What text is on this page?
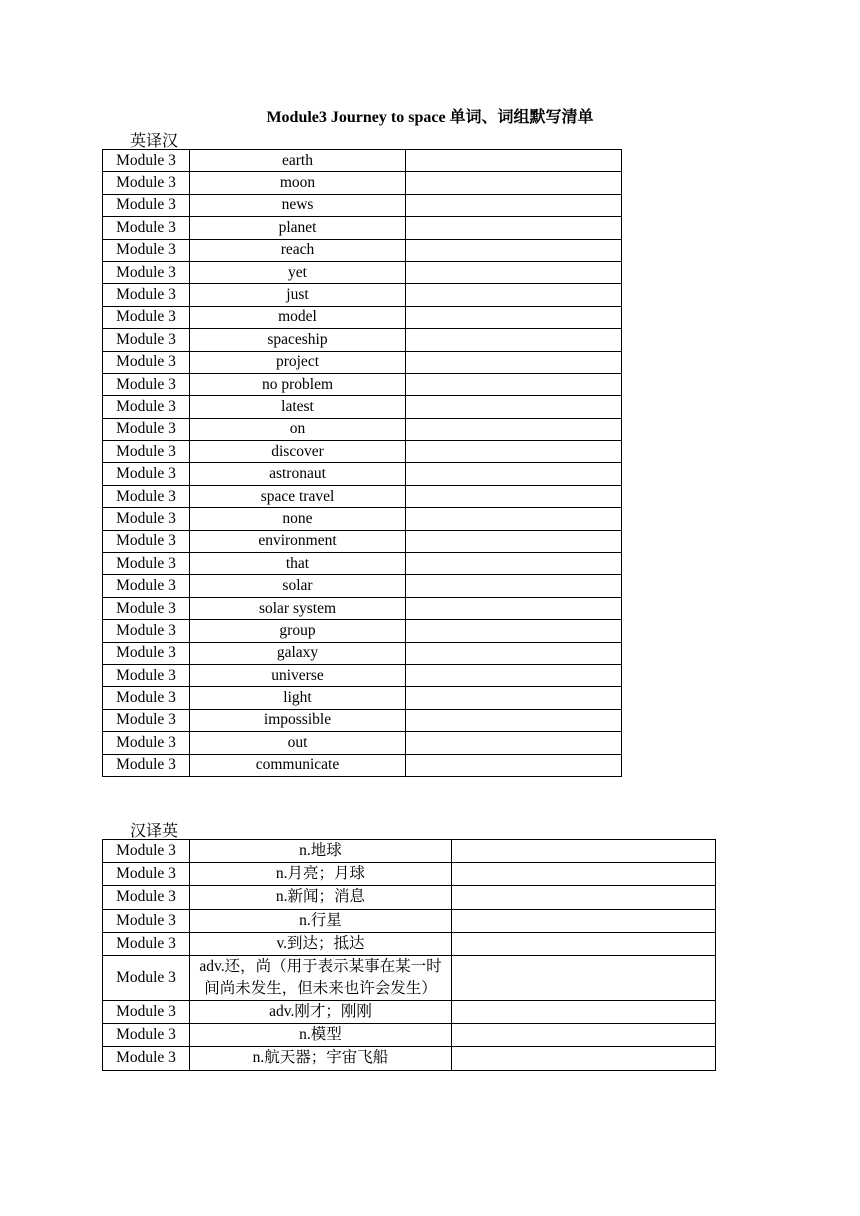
Module3 Journey to space 单词、词组默写清单
英译汉
Module 3	earth	
Module 3	moon	
Module 3	news	
Module 3	planet	
Module 3	reach	
Module 3	yet	
Module 3	just	
Module 3	model	
Module 3	spaceship	
Module 3	project	
Module 3	no problem	
Module 3	latest	
Module 3	on	
Module 3	discover	
Module 3	astronaut	
Module 3	space travel	
Module 3	none	
Module 3	environment	
Module 3	that	
Module 3	solar	
Module 3	solar system	
Module 3	group	
Module 3	galaxy	
Module 3	universe	
Module 3	light	
Module 3	impossible	
Module 3	out	
Module 3	communicate	
汉译英
Module 3	n.地球	
Module 3	n.月亮；月球	
Module 3	n.新闻；消息	
Module 3	n.行星	
Module 3	v.到达；抵达	
Module 3	adv.还，尚（用于表示某事在某一时间尚未发生，但未来也许会发生）	
Module 3	adv.刚才；刚刚	
Module 3	n.模型	
Module 3	n.航天器；宇宙飞船	
